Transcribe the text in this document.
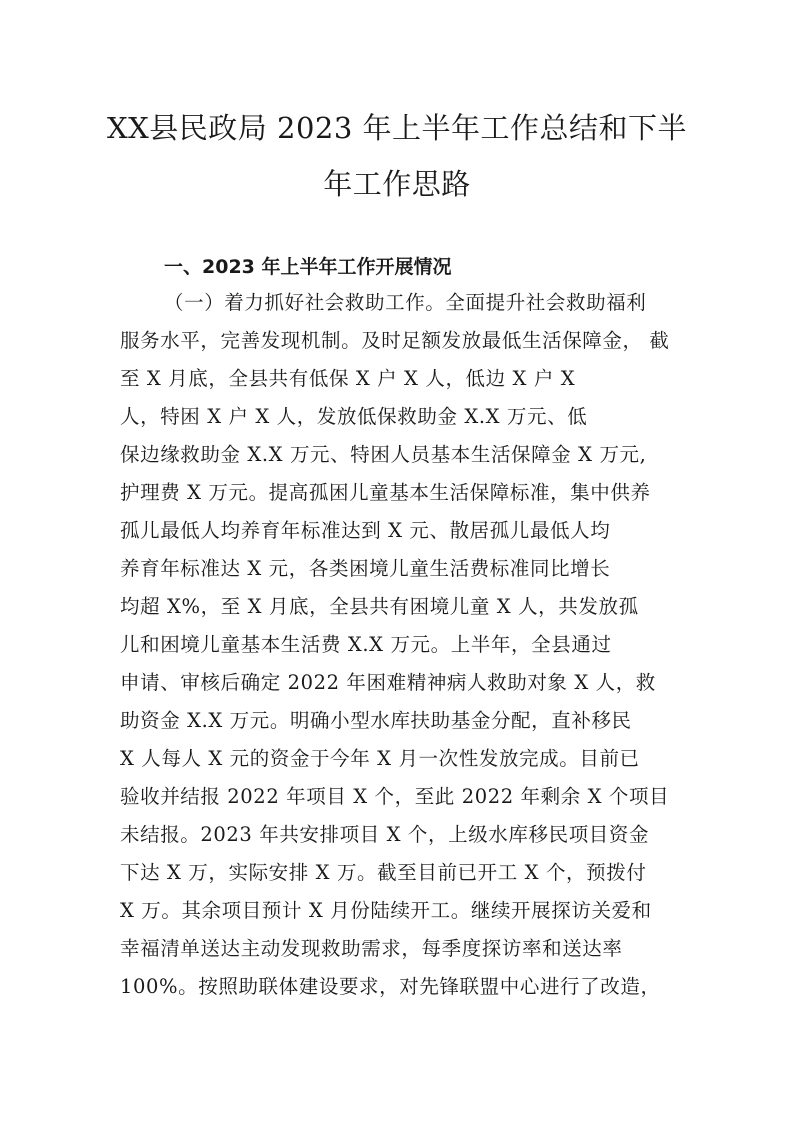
XX县民政局 2023 年上半年工作总结和下半
年工作思路
一、2023 年上半年工作开展情况
（一）着力抓好社会救助工作。全面提升社会救助福利
服务水平，完善发现机制。及时足额发放最低生活保障金， 截
至 X 月底，全县共有低保 X 户 X 人，低边 X 户 X
人，特困 X 户 X 人，发放低保救助金 X.X 万元、低
保边缘救助金 X.X 万元、特困人员基本生活保障金 X 万元,
护理费 X 万元。提高孤困儿童基本生活保障标准，集中供养
孤儿最低人均养育年标准达到 X 元、散居孤儿最低人均
养育年标准达 X 元，各类困境儿童生活费标准同比增长
均超 X%，至 X 月底，全县共有困境儿童 X 人，共发放孤
儿和困境儿童基本生活费 X.X 万元。上半年，全县通过
申请、审核后确定 2022 年困难精神病人救助对象 X 人，救
助资金 X.X 万元。明确小型水库扶助基金分配，直补移民
X 人每人 X 元的资金于今年 X 月一次性发放完成。目前已
验收并结报 2022 年项目 X 个，至此 2022 年剩余 X 个项目
未结报。2023 年共安排项目 X 个，上级水库移民项目资金
下达 X 万，实际安排 X 万。截至目前已开工 X 个，预拨付
X 万。其余项目预计 X 月份陆续开工。继续开展探访关爱和
幸福清单送达主动发现救助需求，每季度探访率和送达率
100%。按照助联体建设要求，对先锋联盟中心进行了改造，
